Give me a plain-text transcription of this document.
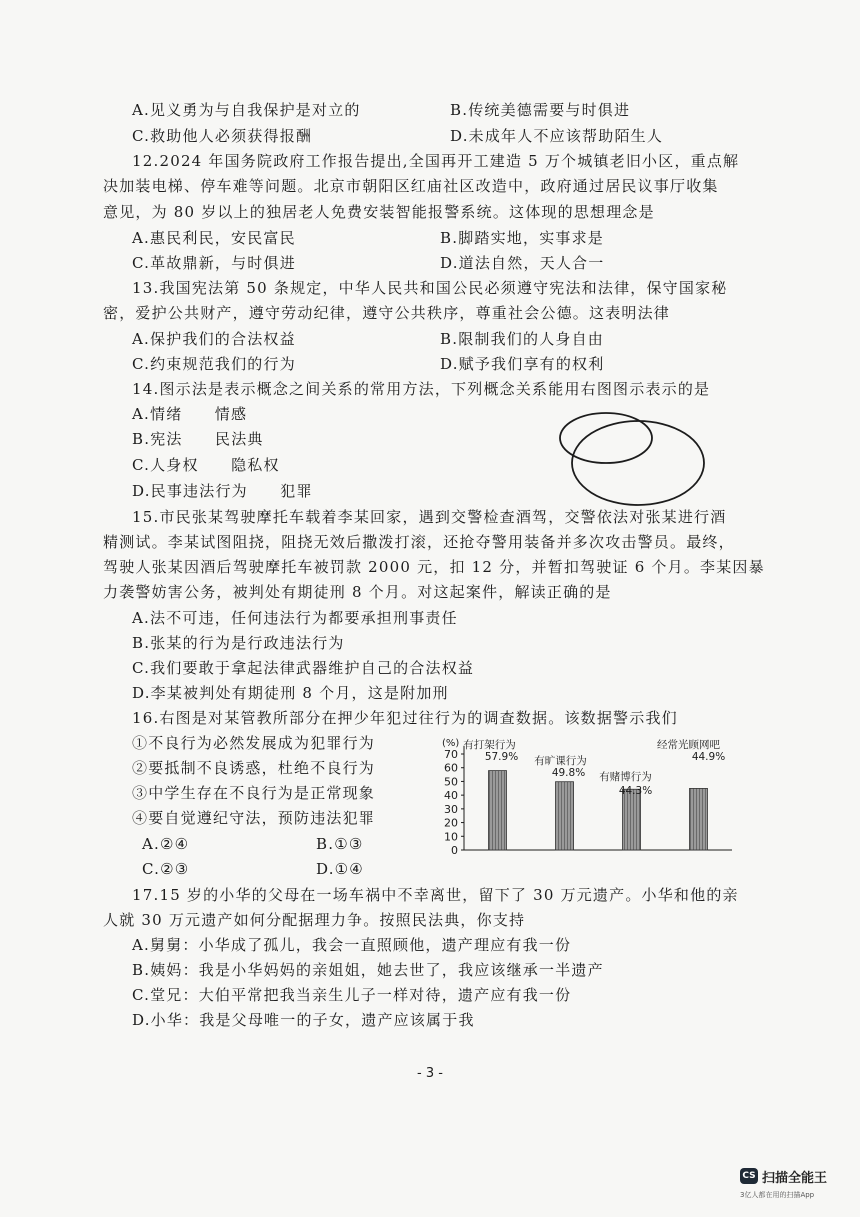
A.见义勇为与自我保护是对立的	B.传统美德需要与时俱进
C.救助他人必须获得报酬	D.未成年人不应该帮助陌生人
12.2024 年国务院政府工作报告提出,全国再开工建造 5 万个城镇老旧小区，重点解
决加装电梯、停车难等问题。北京市朝阳区红庙社区改造中，政府通过居民议事厅收集
意见，为 80 岁以上的独居老人免费安装智能报警系统。这体现的思想理念是
A.惠民利民，安民富民	B.脚踏实地，实事求是
C.革故鼎新，与时俱进	D.道法自然，天人合一
13.我国宪法第 50 条规定，中华人民共和国公民必须遵守宪法和法律，保守国家秘
密，爱护公共财产，遵守劳动纪律，遵守公共秩序，尊重社会公德。这表明法律
A.保护我们的合法权益	B.限制我们的人身自由
C.约束规范我们的行为	D.赋予我们享有的权利
14.图示法是表示概念之间关系的常用方法，下列概念关系能用右图图示表示的是
A.情绪　　情感
B.宪法　　民法典
C.人身权　　隐私权
D.民事违法行为　　犯罪
15.市民张某驾驶摩托车载着李某回家，遇到交警检查酒驾，交警依法对张某进行酒
精测试。李某试图阻挠，阻挠无效后撒泼打滚，还抢夺警用装备并多次攻击警员。最终，
驾驶人张某因酒后驾驶摩托车被罚款 2000 元，扣 12 分，并暂扣驾驶证 6 个月。李某因暴
力袭警妨害公务，被判处有期徒刑 8 个月。对这起案件，解读正确的是
A.法不可违，任何违法行为都要承担刑事责任
B.张某的行为是行政违法行为
C.我们要敢于拿起法律武器维护自己的合法权益
D.李某被判处有期徒刑 8 个月，这是附加刑
16.右图是对某管教所部分在押少年犯过往行为的调查数据。该数据警示我们
①不良行为必然发展成为犯罪行为
②要抵制不良诱惑，杜绝不良行为
③中学生存在不良行为是正常现象
④要自觉遵纪守法，预防违法犯罪
A.②④	B.①③
C.②③	D.①④
(%)
0
10
20
30
40
50
60
70
有打架行为
57.9% 有旷课行为
49.8% 有赌博行为
44.3%
经常光顾网吧
44.9%
17.15 岁的小华的父母在一场车祸中不幸离世，留下了 30 万元遗产。小华和他的亲
人就 30 万元遗产如何分配据理力争。按照民法典，你支持
A.舅舅：小华成了孤儿，我会一直照顾他，遗产理应有我一份
B.姨妈：我是小华妈妈的亲姐姐，她去世了，我应该继承一半遗产
C.堂兄：大伯平常把我当亲生儿子一样对待，遗产应有我一份
D.小华：我是父母唯一的子女，遗产应该属于我
- 3 -
CS 扫描全能王
3亿人都在用的扫描App
